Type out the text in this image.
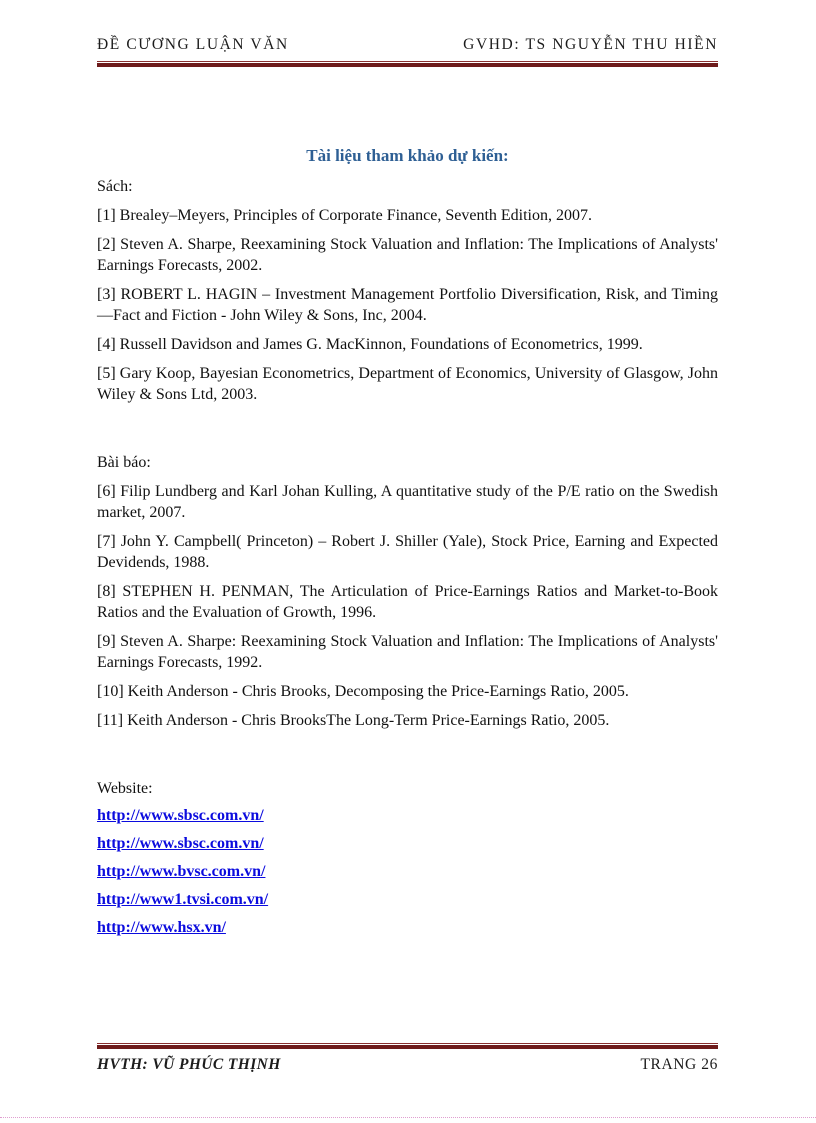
ĐỀ CƯƠNG LUẬN VĂN	GVHD: TS NGUYỄN THU HIỀN
Tài liệu tham khảo dự kiến:

Sách:

[1] Brealey–Meyers, Principles of Corporate Finance, Seventh Edition, 2007.

[2] Steven A. Sharpe, Reexamining Stock Valuation and Inflation: The Implications of Analysts' Earnings Forecasts, 2002.

[3] ROBERT L. HAGIN – Investment Management Portfolio Diversification, Risk, and Timing—Fact and Fiction - John Wiley & Sons, Inc, 2004.

[4] Russell Davidson and James G. MacKinnon, Foundations of Econometrics, 1999.

[5] Gary Koop, Bayesian Econometrics, Department of Economics, University of Glasgow, John Wiley & Sons Ltd, 2003.

Bài báo:

[6] Filip Lundberg and Karl Johan Kulling, A quantitative study of the P/E ratio on the Swedish market, 2007.

[7] John Y. Campbell( Princeton) – Robert J. Shiller (Yale), Stock Price, Earning and Expected Devidends, 1988.

[8] STEPHEN H. PENMAN, The Articulation of Price-Earnings Ratios and Market-to-Book Ratios and the Evaluation of Growth, 1996.

[9] Steven A. Sharpe: Reexamining Stock Valuation and Inflation: The Implications of Analysts' Earnings Forecasts, 1992.

[10] Keith Anderson - Chris Brooks, Decomposing the Price-Earnings Ratio, 2005.

[11] Keith Anderson - Chris BrooksThe Long-Term Price-Earnings Ratio, 2005.

Website:

http://www.sbsc.com.vn/

http://www.sbsc.com.vn/

http://www.bvsc.com.vn/

http://www1.tvsi.com.vn/

http://www.hsx.vn/

HVTH: VŨ PHÚC THỊNH	TRANG 26
